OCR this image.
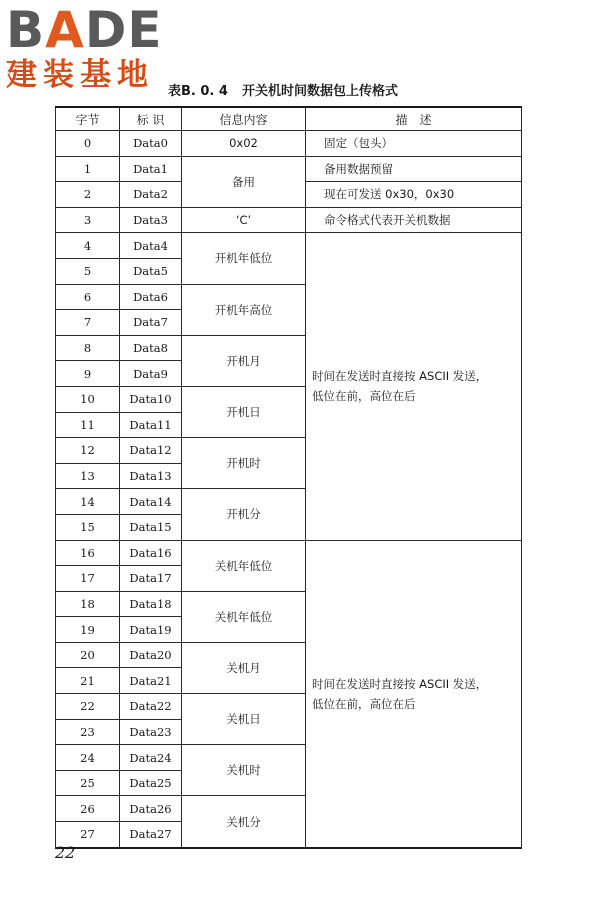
B A DE
建装基地	表B. 0. 4 开关机时间数据包上传格式
字节	标 识	信息内容	描　述
0	Data0	0x02	固定（包头）
1	Data1	备用	备用数据预留
2	Data2		现在可发送 0x30，0x30
3	Data3	‘C’	命令格式代表开关机数据
4	Data4	开机年低位	时间在发送时直接按 ASCII 发送，
低位在前，高位在后
5	Data5		
6	Data6	开机年高位	
7	Data7		
8	Data8	开机月	
9	Data9		
10	Data10	开机日	
11	Data11		
12	Data12	开机时	
13	Data13		
14	Data14	开机分	
15	Data15		
16	Data16	关机年低位	时间在发送时直接按 ASCII 发送，
低位在前，高位在后
17	Data17		
18	Data18	关机年低位	
19	Data19		
20	Data20	关机月	
21	Data21		
22	Data22	关机日	
23	Data23		
24	Data24	关机时	
25	Data25		
26	Data26	关机分	
27	Data27		
22
